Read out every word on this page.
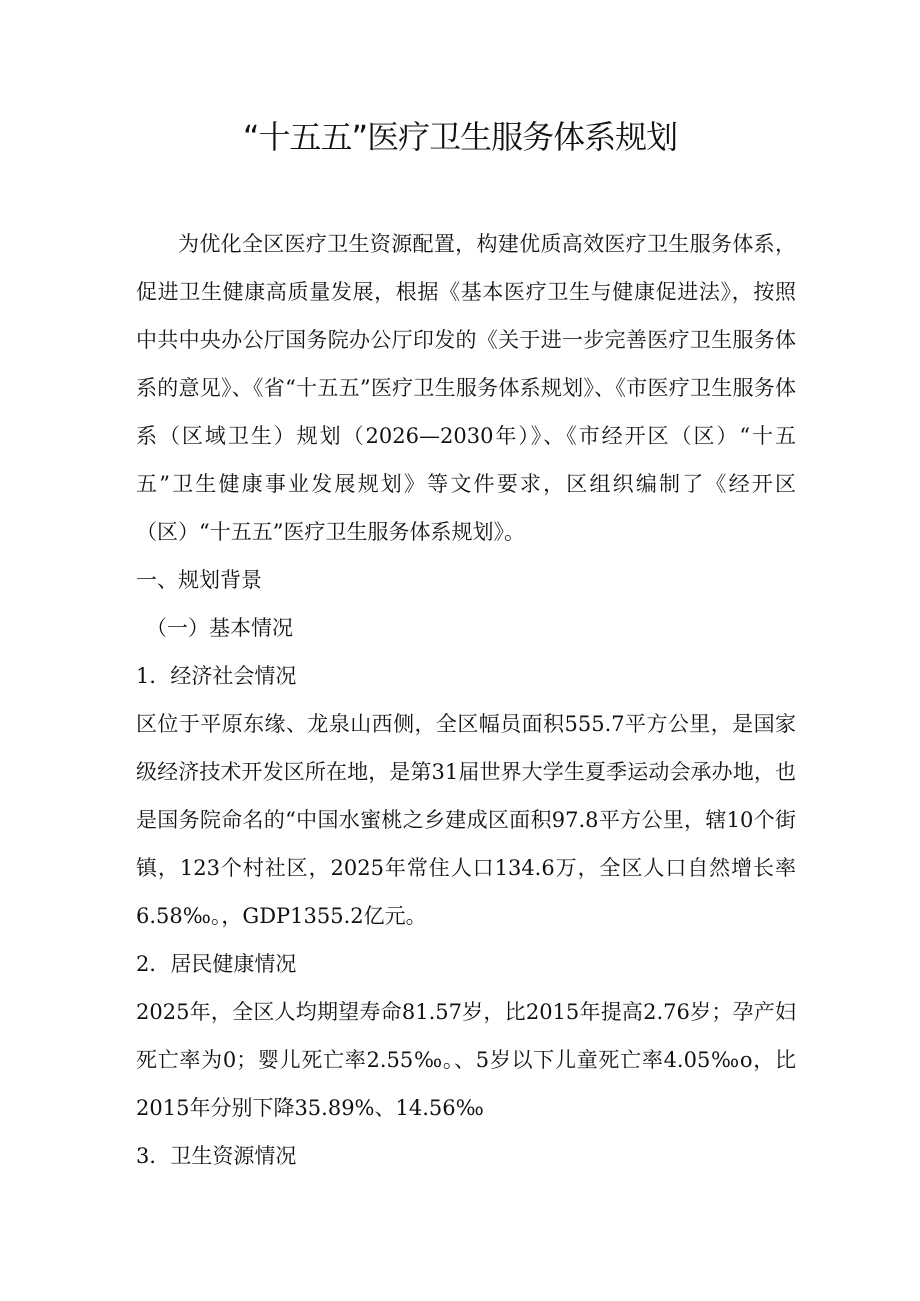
“十五五”医疗卫生服务体系规划

为优化全区医疗卫生资源配置，构建优质高效医疗卫生服务体系，促进卫生健康高质量发展，根据《基本医疗卫生与健康促进法》，按照中共中央办公厅国务院办公厅印发的《关于进一步完善医疗卫生服务体系的意见》、《省“十五五”医疗卫生服务体系规划》、《市医疗卫生服务体系（区域卫生）规划（2026—2030年）》、《市经开区（区）“十五五”卫生健康事业发展规划》等文件要求，区组织编制了《经开区（区）“十五五”医疗卫生服务体系规划》。

一、规划背景

（一）基本情况

1．经济社会情况

区位于平原东缘、龙泉山西侧，全区幅员面积555.7平方公里，是国家级经济技术开发区所在地，是第31届世界大学生夏季运动会承办地，也是国务院命名的“中国水蜜桃之乡建成区面积97.8平方公里，辖10个街镇，123个村社区，2025年常住人口134.6万，全区人口自然增长率6.58‰。，GDP1355.2亿元。

2．居民健康情况

2025年，全区人均期望寿命81.57岁，比2015年提高2.76岁；孕产妇死亡率为0；婴儿死亡率2.55‰。、5岁以下儿童死亡率4.05‰o，比2015年分别下降35.89%、14.56‰

3．卫生资源情况
